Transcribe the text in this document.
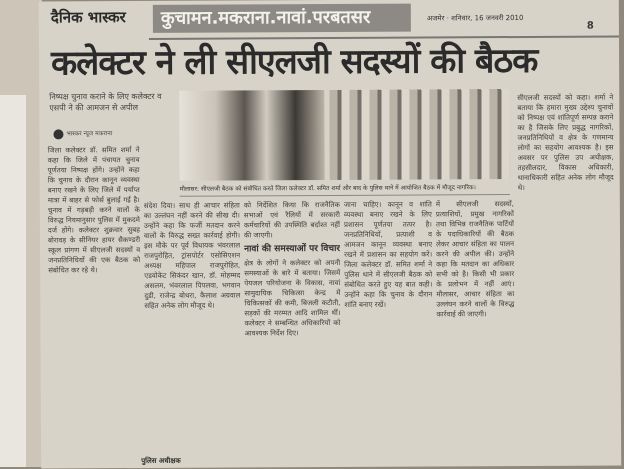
दैनिक भास्कर	कुचामन.मकराना.नावां.परबतसर	अजमेर · शनिवार, 16 जनवरी 2010
8
कलेक्टर ने ली सीएलजी सदस्यों की बैठक
निष्पक्ष चुनाव कराने के लिए कलेक्टर व एसपी ने की आमजन से अपील
भास्कर न्यूज मकराना
मौलासर: सीएलजी बैठक को संबोधित करते जिला कलेक्टर डॉ. समित शर्मा और बाद के पुलिस थाने में आयोजित बैठक में मौजूद नागरिक।
जिला कलेक्टर डॉ. समित शर्मा ने कहा कि जिले में पंचायत चुनाव पूर्णतया निष्पक्ष होंगे। उन्होंने कहा कि चुनाव के दौरान कानून व्यवस्था बनाए रखने के लिए जिले में पर्याप्त मात्रा में बाहर से फोर्स बुलाई गई है। चुनाव में गड़बड़ी करने वालों के विरुद्ध नियमानुसार पुलिस में मुकदमे दर्ज होंगे। कलेक्टर शुक्रवार सुबह बोरावड़ के सीनियर हायर सैकण्डरी स्कूल प्रांगण में सीएलजी सदस्यों व जनप्रतिनिधियों की एक बैठक को संबोधित कर रहे थे।
संदेश दिया। साथ ही आचार संहिता का उल्लंघन नहीं करने की सीख दी। उन्होंने कहा कि फर्जी मतदान करने वालों के विरुद्ध सख्त कार्रवाई होगी। इस मौके पर पूर्व विधायक भंवरलाल राजपुरोहित, ट्रांसपोर्टर एसोसिएशन अध्यक्ष महिपाल राजपुरोहित, एडवोकेट सिकंदर खान, डॉ. मोहम्मद असलम, भंवरलाल पिपलवा, भगवान दुडी, राजेन्द्र बोथरा, कैलाश अग्रवाल सहित अनेक लोग मौजूद थे।
को निर्देशित किया कि राजनैतिक सभाओं एवं रैलियों में सरकारी कर्मचारियों की उपस्थिति बर्दाश्त नहीं की जाएगी।
नावां की समस्याओं पर विचार
क्षेत्र के लोगों ने कलेक्टर को अपनी समस्याओं के बारे में बताया। जिसमें पेयजल परियोजना के विकास, नावां सामुदायिक चिकित्सा केन्द्र में चिकित्सकों की कमी, बिजली कटौती, सड़कों की मरम्मत आदि शामिल थीं। कलेक्टर ने सम्बन्धित अधिकारियों को आवश्यक निर्देश दिए।
जाना चाहिए। कानून व शांति व्यवस्था बनाए रखने के लिए प्रशासन पूर्णतया तत्पर है। जनप्रतिनिधियों, प्रत्याशी व आमजन कानून व्यवस्था बनाए रखने में प्रशासन का सहयोग करें। जिला कलेक्टर डॉ. समित शर्मा ने पुलिस थाने में सीएलजी बैठक को संबोधित करते हुए यह बात कही। उन्होंने कहा कि चुनाव के दौरान शांति बनाए रखें।
में सीएलजी सदस्यों, प्रत्याशियों, प्रमुख नागरिकों तथा विभिन्न राजनैतिक पार्टियों के पदाधिकारियों की बैठक लेकर आचार संहिता का पालन करने की अपील की। उन्होंने कहा कि मतदान का अधिकार सभी को है। किसी भी प्रकार के प्रलोभन में नहीं आएं। मौलासर, आचार संहिता का उल्लंघन करने वालों के विरुद्ध कार्रवाई की जाएगी।
सीएलजी सदस्यों को कहा। शर्मा ने बताया कि हमारा मुख्य उद्देश्य चुनावों को निष्पक्ष एवं शांतिपूर्ण सम्पन्न कराने का है जिसके लिए प्रबुद्ध नागरिकों, जनप्रतिनिधियों व क्षेत्र के गणमान्य लोगों का सहयोग आवश्यक है। इस अवसर पर पुलिस उप अधीक्षक, तहसीलदार, विकास अधिकारी, थानाधिकारी सहित अनेक लोग मौजूद थे।
पुलिस अधीक्षक
